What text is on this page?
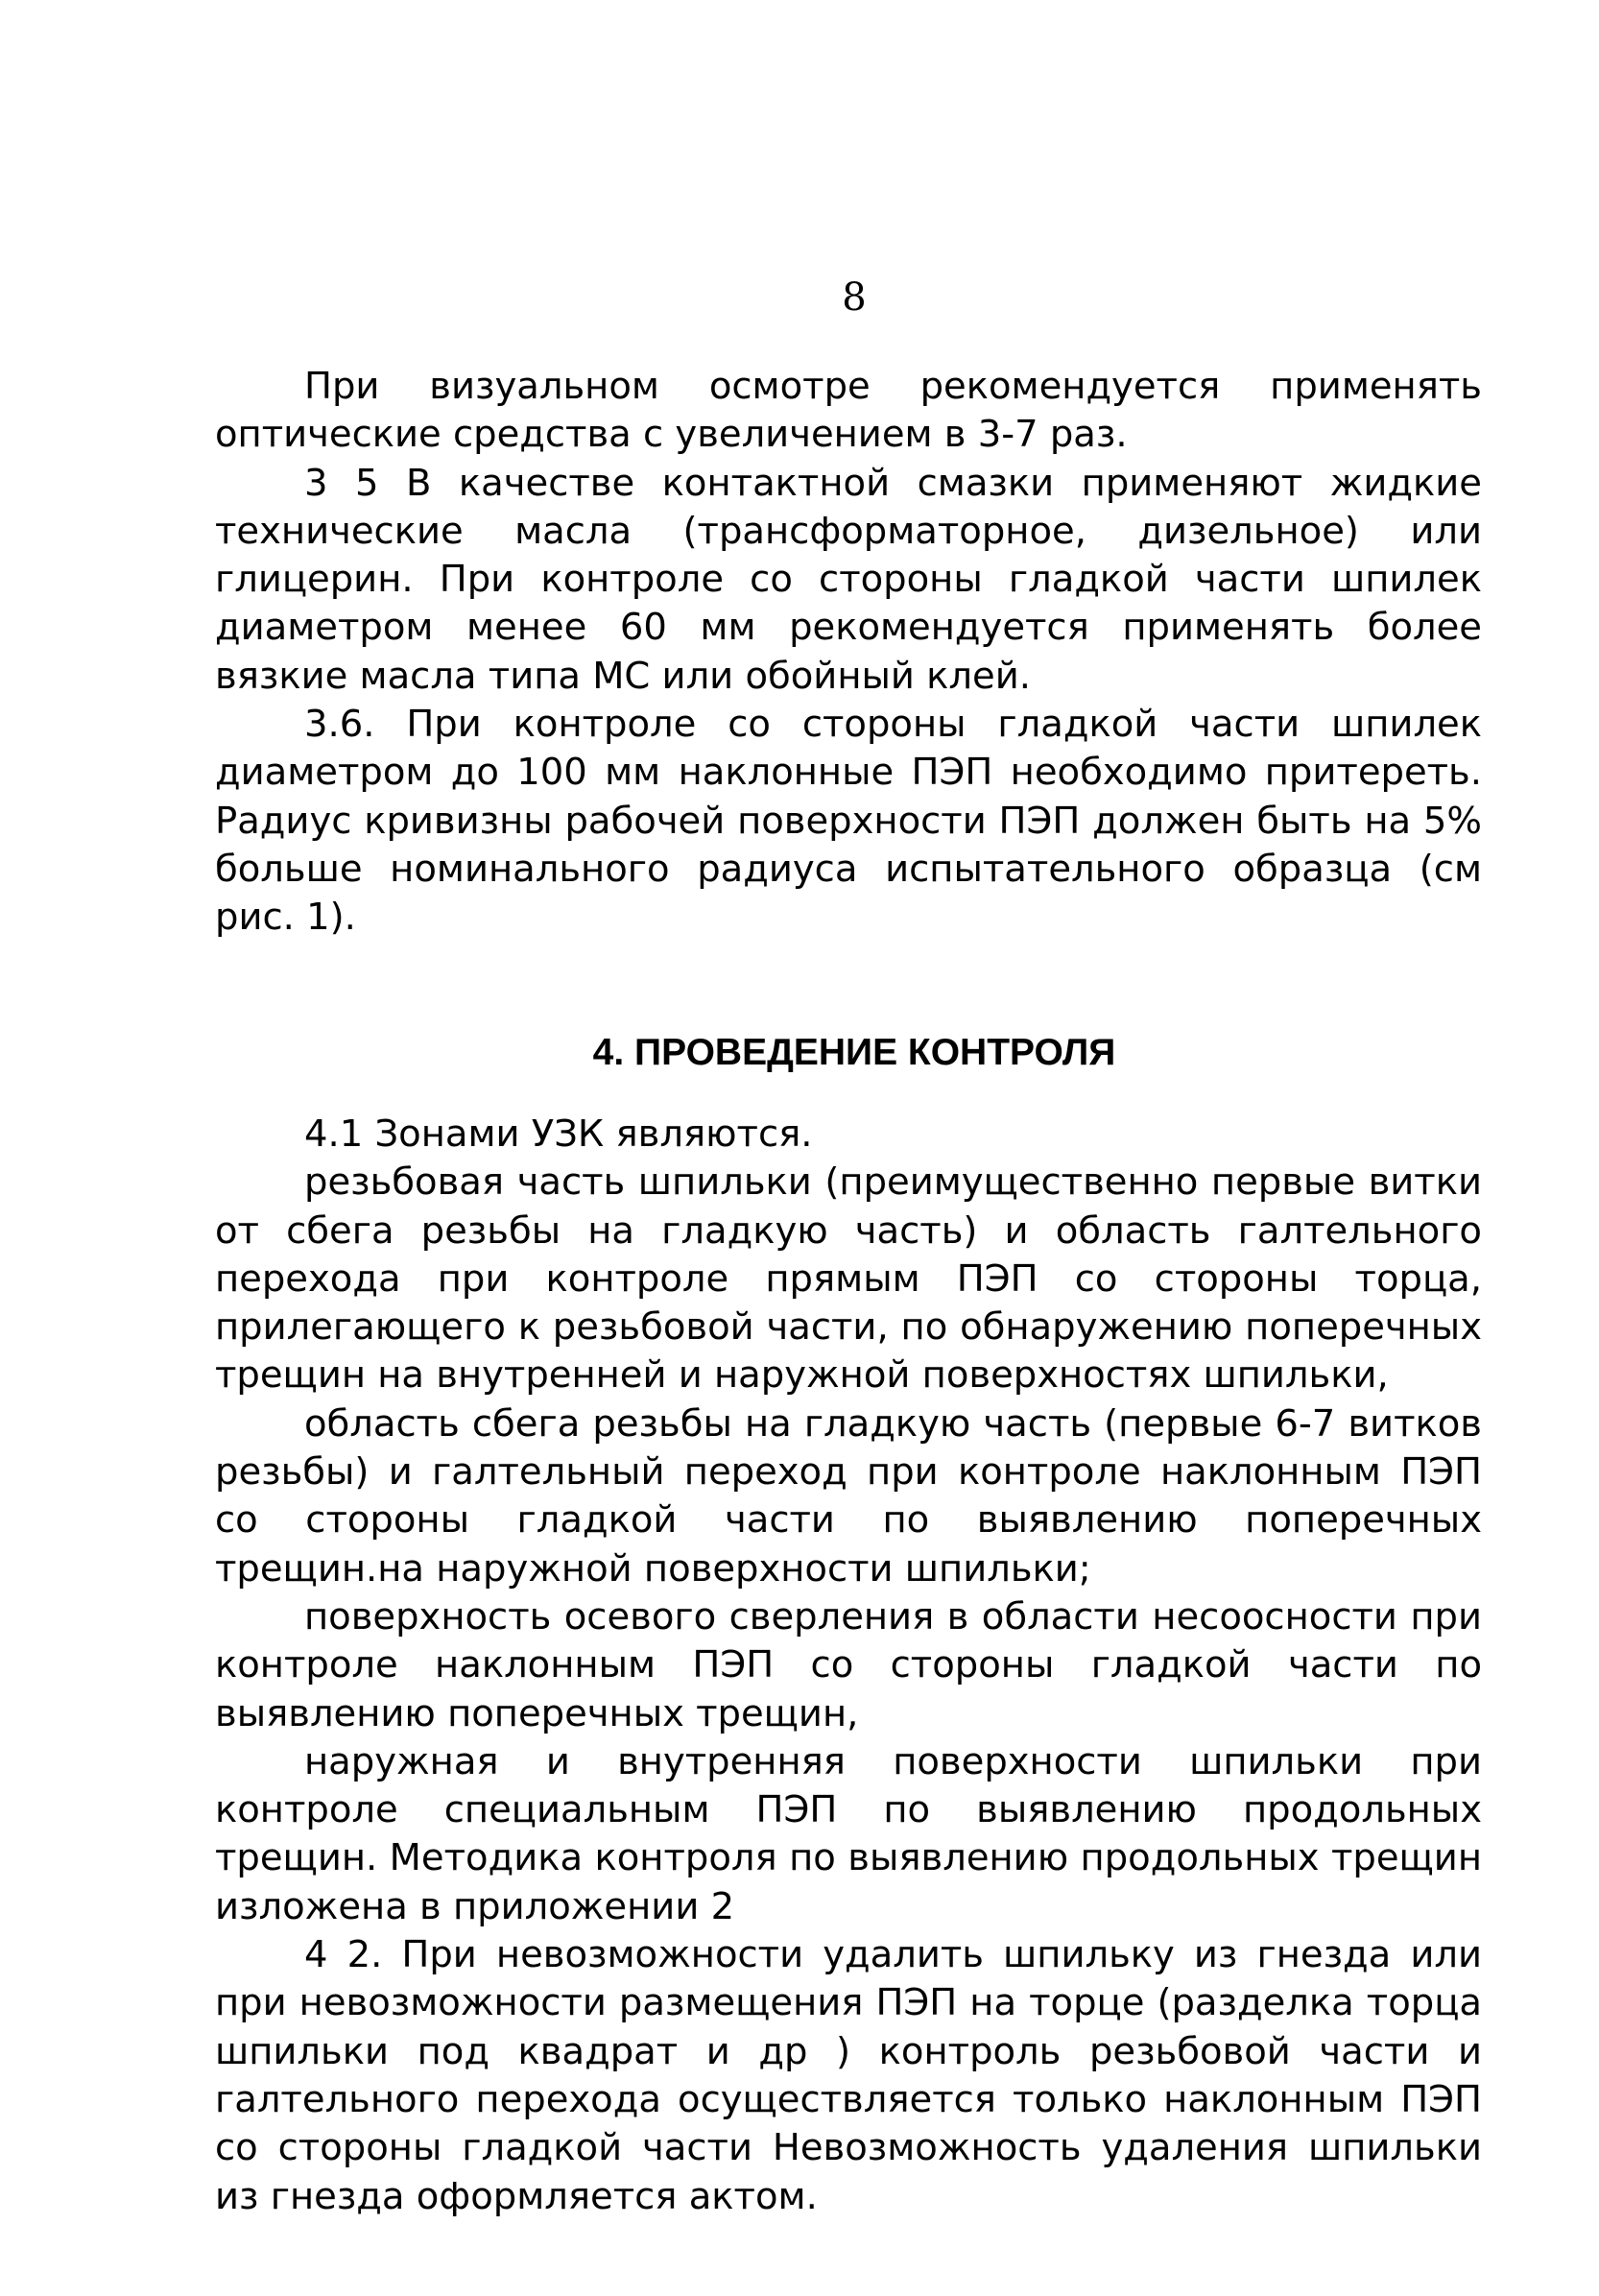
8

При визуальном осмотре рекомендуется применять оптические средства с увеличением в 3-7 раз.

3 5 В качестве контактной смазки применяют жидкие технические масла (трансформаторное, дизельное) или глицерин. При контроле со стороны гладкой части шпилек диаметром менее 60 мм рекомендуется применять более вязкие масла типа МС или обойный клей.

3.6. При контроле со стороны гладкой части шпилек диаметром до 100 мм наклонные ПЭП необходимо притереть. Радиус кривизны рабочей поверхности ПЭП должен быть на 5% больше номинального радиуса испытательного образца (см рис. 1).

4. ПРОВЕДЕНИЕ КОНТРОЛЯ

4.1 Зонами УЗК являются.

резьбовая часть шпильки (преимущественно первые витки от сбега резьбы на гладкую часть) и область галтельного перехода при контроле прямым ПЭП со стороны торца, прилегающего к резьбовой части, по обнаружению поперечных трещин на внутренней и наружной поверхностях шпильки,

область сбега резьбы на гладкую часть (первые 6-7 витков резьбы) и галтельный переход при контроле наклонным ПЭП со стороны гладкой части по выявлению поперечных трещин.на наружной поверхности шпильки;

поверхность осевого сверления в области несоосности при контроле наклонным ПЭП со стороны гладкой части по выявлению поперечных трещин,

наружная и внутренняя поверхности шпильки при контроле специальным ПЭП по выявлению продольных трещин. Методика контроля по выявлению продольных трещин изложена в приложении 2

4 2. При невозможности удалить шпильку из гнезда или при невозможности размещения ПЭП на торце (разделка торца шпильки под квадрат и др ) контроль резьбовой части и галтельного перехода осуществляется только наклонным ПЭП со стороны гладкой части Невозможность удаления шпильки из гнезда оформляется актом.
